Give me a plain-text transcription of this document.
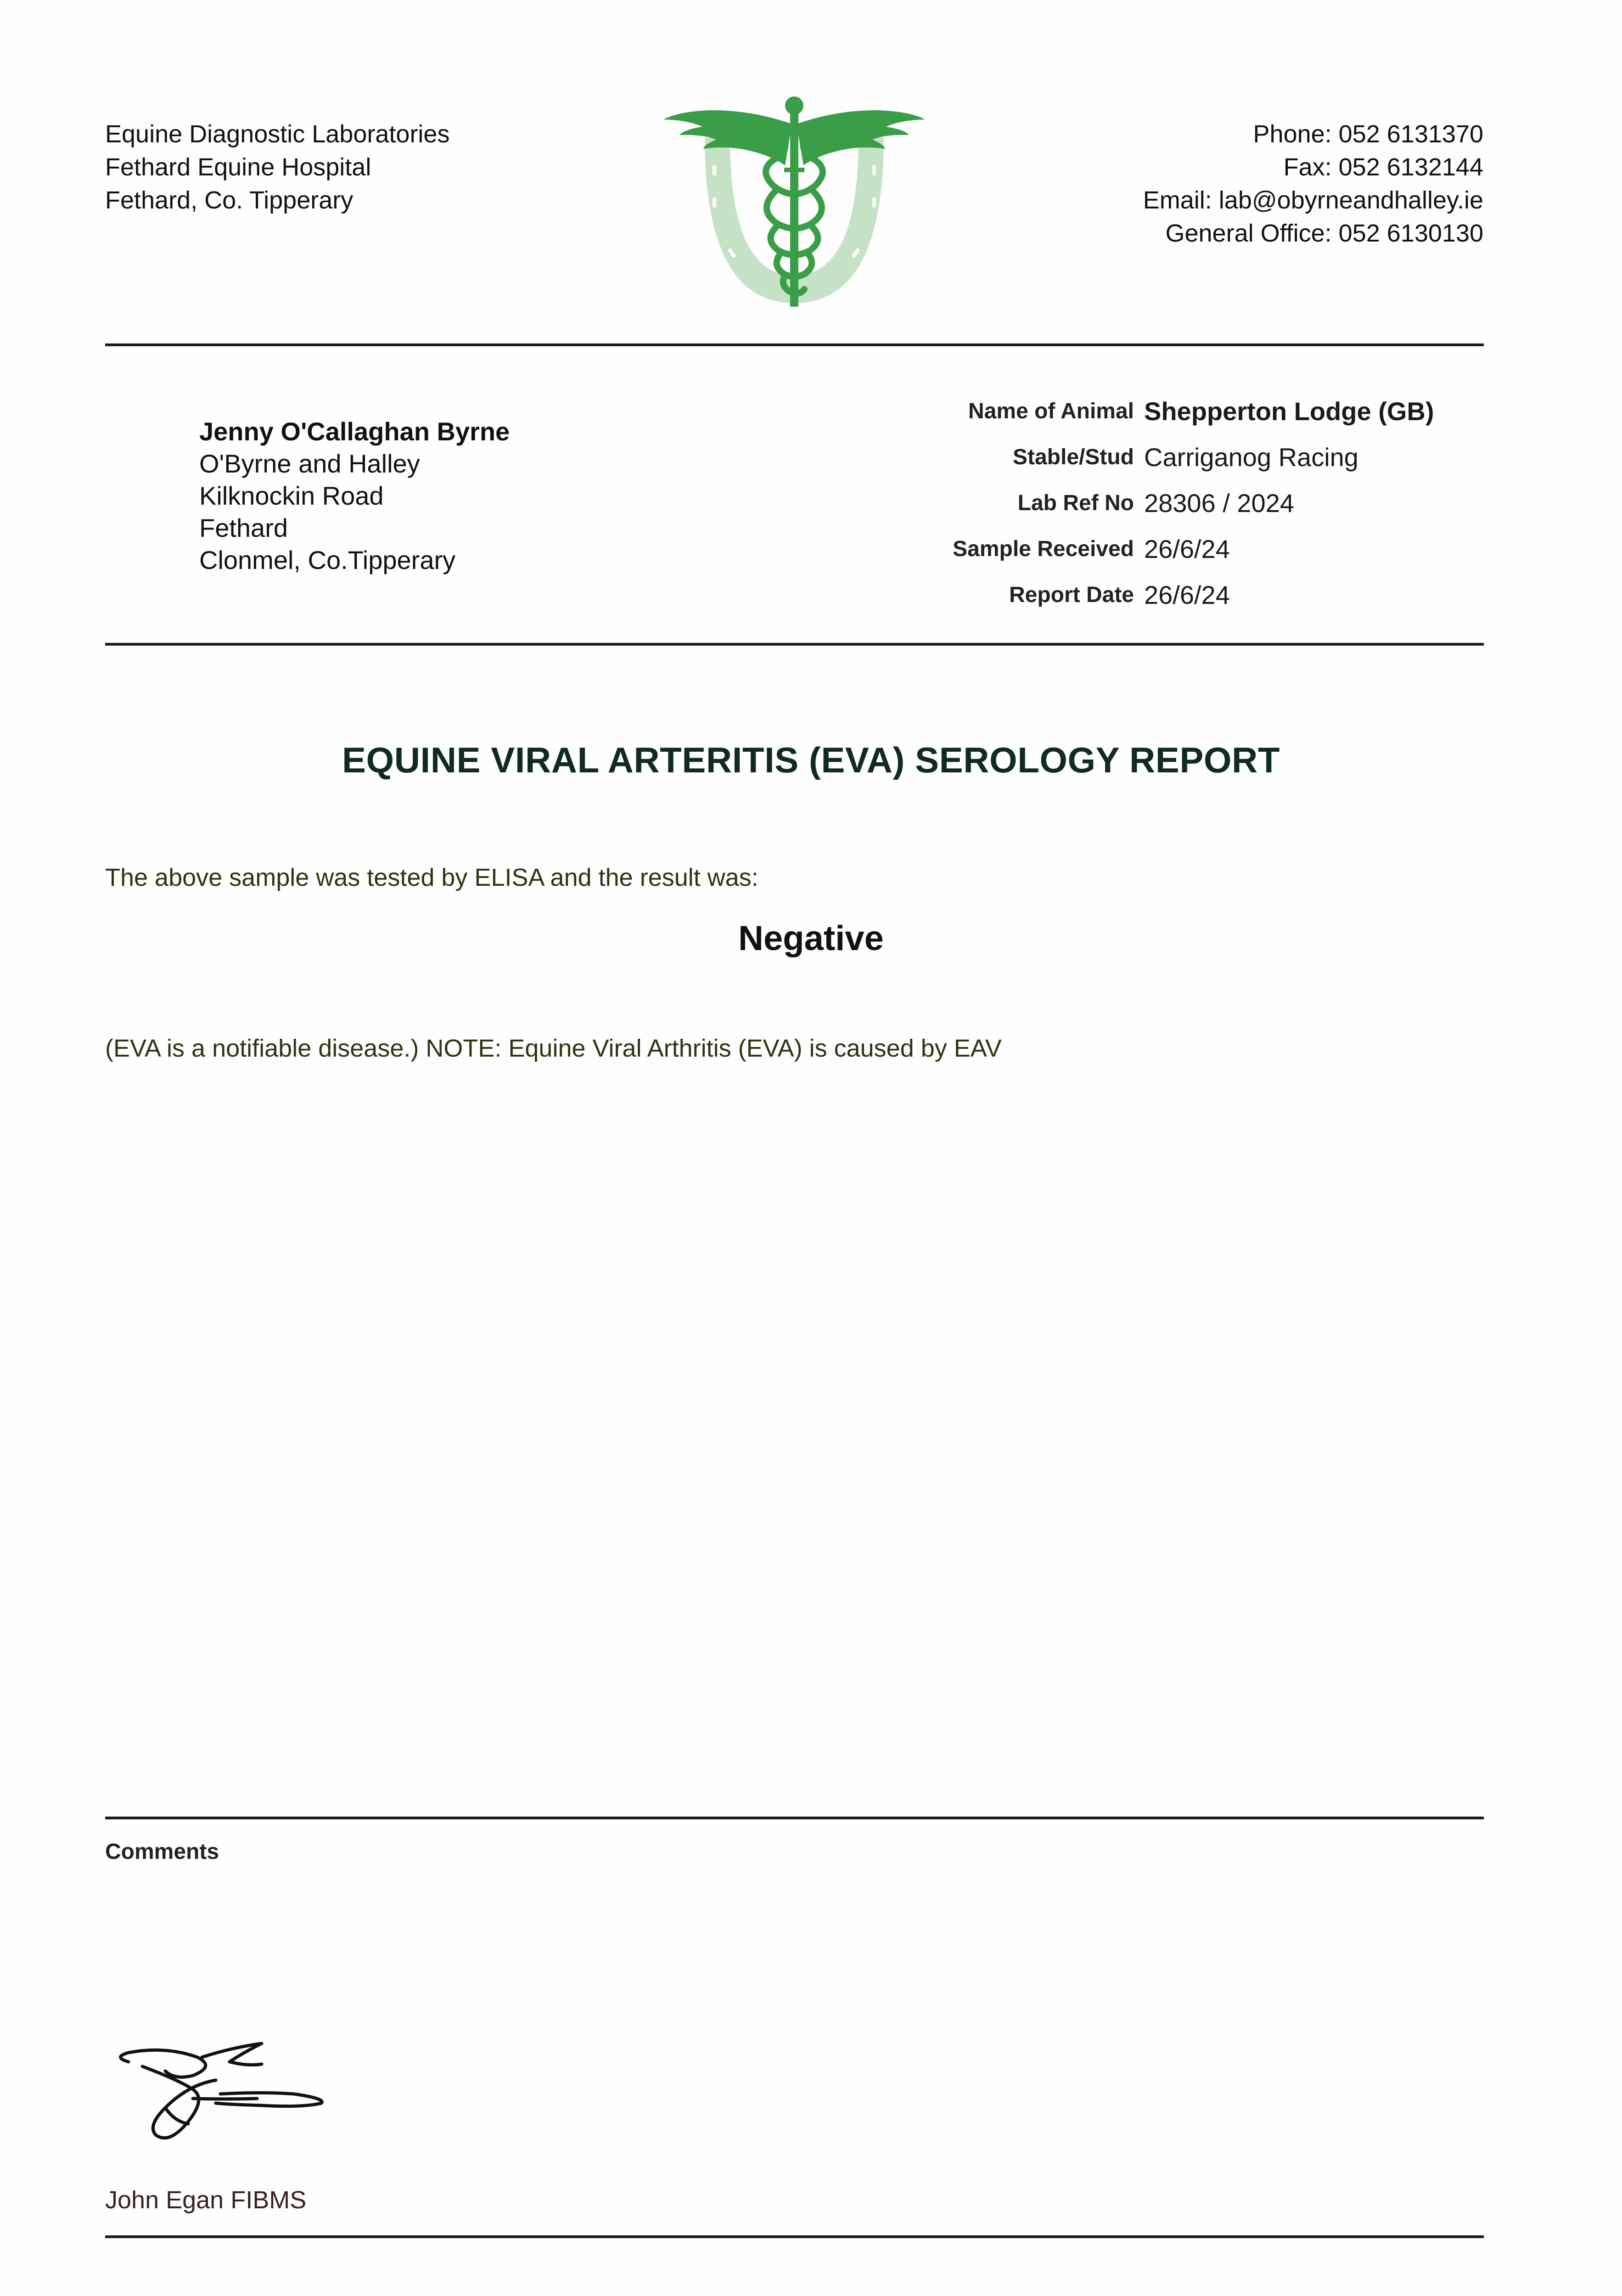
Equine Diagnostic Laboratories
Fethard Equine Hospital
Fethard, Co. Tipperary
Phone: 052 6131370
Fax: 052 6132144
Email: lab@obyrneandhalley.ie
General Office: 052 6130130
Jenny O'Callaghan Byrne
O'Byrne and Halley
Kilknockin Road
Fethard
Clonmel, Co.Tipperary
Name of Animal Shepperton Lodge (GB)
Stable/Stud Carriganog Racing
Lab Ref No 28306 / 2024
Sample Received 26/6/24
Report Date 26/6/24
EQUINE VIRAL ARTERITIS (EVA) SEROLOGY REPORT
The above sample was tested by ELISA and the result was:
Negative
(EVA is a notifiable disease.) NOTE: Equine Viral Arthritis (EVA) is caused by EAV
Comments
John Egan FIBMS
